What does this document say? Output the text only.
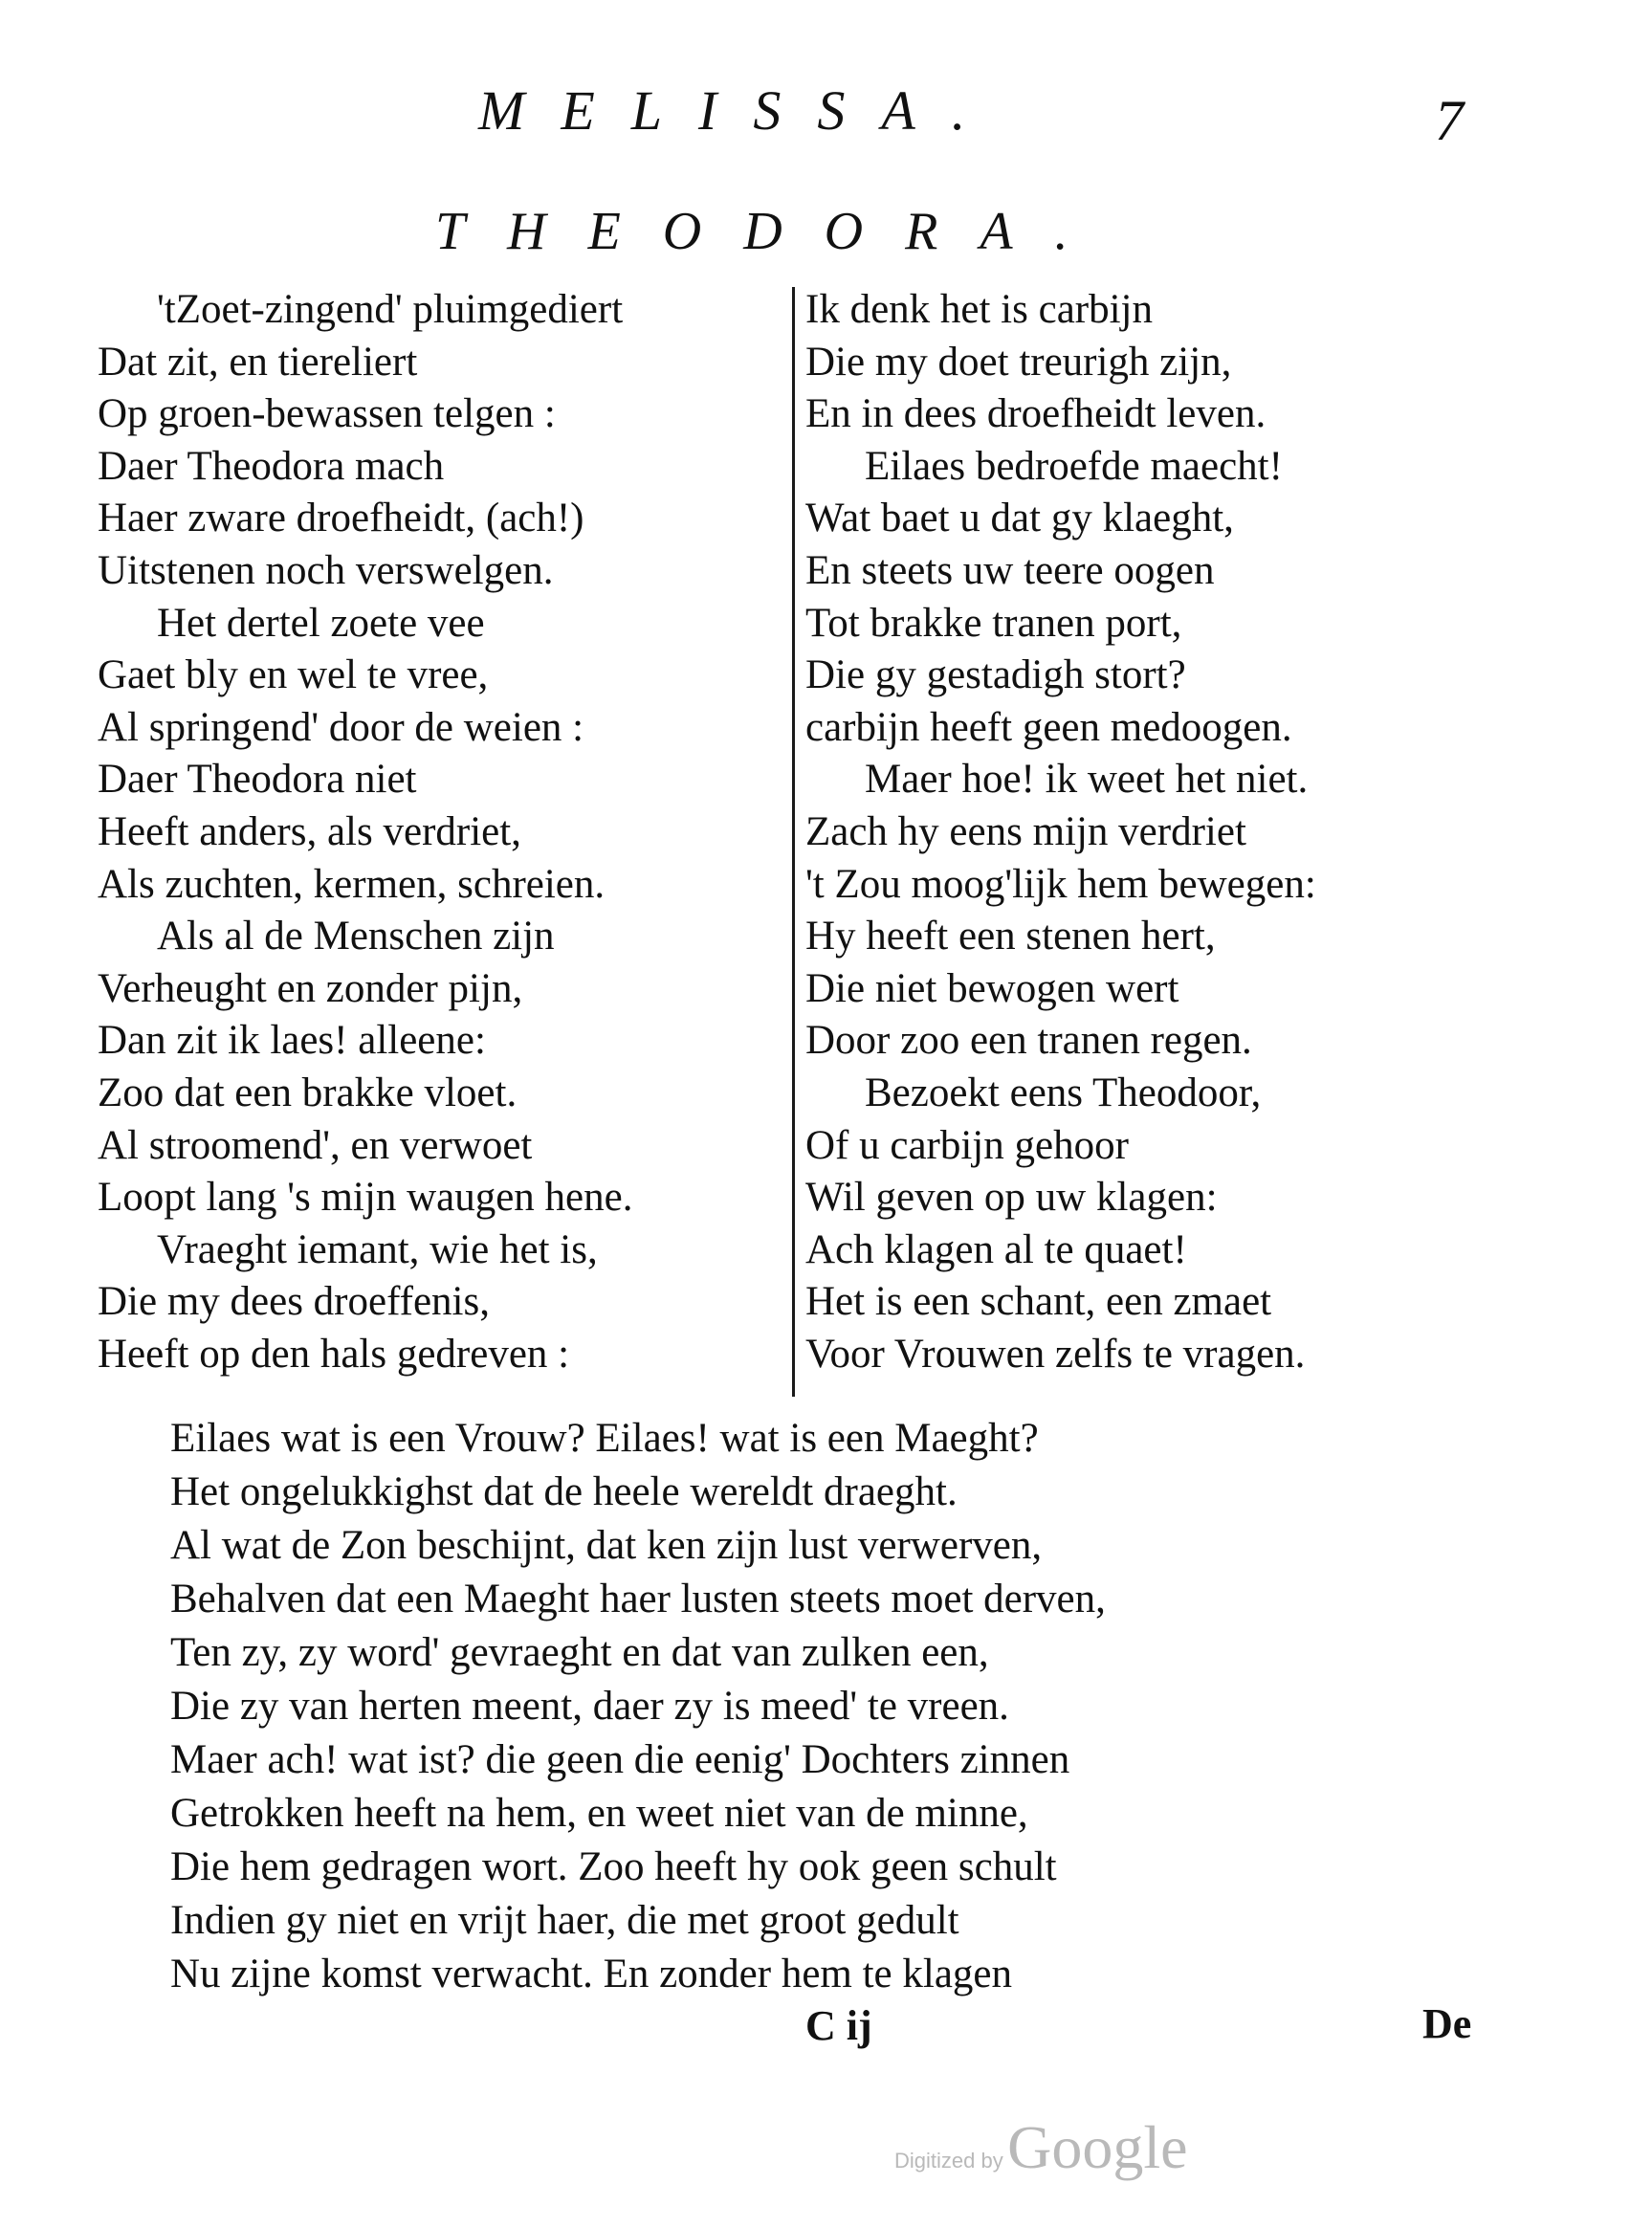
MELISSA.	7
THEODORA.
'tZoet-zingend' pluimgediert
Dat zit, en tiereliert
Op groen-bewassen telgen :
Daer Theodora mach
Haer zware droefheidt, (ach!)
Uitstenen noch verswelgen.
Het dertel zoete vee
Gaet bly en wel te vree,
Al springend' door de weien :
Daer Theodora niet
Heeft anders, als verdriet,
Als zuchten, kermen, schreien.
Als al de Menschen zijn
Verheught en zonder pijn,
Dan zit ik laes! alleene:
Zoo dat een brakke vloet.
Al stroomend', en verwoet
Loopt lang 's mijn waugen hene.
Vraeght iemant, wie het is,
Die my dees droeffenis,
Heeft op den hals gedreven :
Ik denk het is carbijn
Die my doet treurigh zijn,
En in dees droefheidt leven.
Eilaes bedroefde maecht!
Wat baet u dat gy klaeght,
En steets uw teere oogen
Tot brakke tranen port,
Die gy gestadigh stort?
carbijn heeft geen medoogen.
Maer hoe! ik weet het niet.
Zach hy eens mijn verdriet
't Zou moog'lijk hem bewegen:
Hy heeft een stenen hert,
Die niet bewogen wert
Door zoo een tranen regen.
Bezoekt eens Theodoor,
Of u carbijn gehoor
Wil geven op uw klagen:
Ach klagen al te quaet!
Het is een schant, een zmaet
Voor Vrouwen zelfs te vragen.
Eilaes wat is een Vrouw? Eilaes! wat is een Maeght?
Het ongelukkighst dat de heele wereldt draeght.
Al wat de Zon beschijnt, dat ken zijn lust verwerven,
Behalven dat een Maeght haer lusten steets moet derven,
Ten zy, zy word' gevraeght en dat van zulken een,
Die zy van herten meent, daer zy is meed' te vreen.
Maer ach! wat ist? die geen die eenig' Dochters zinnen
Getrokken heeft na hem, en weet niet van de minne,
Die hem gedragen wort. Zoo heeft hy ook geen schult
Indien gy niet en vrijt haer, die met groot gedult
Nu zijne komst verwacht. En zonder hem te klagen
C ij	De
Digitized by Google
